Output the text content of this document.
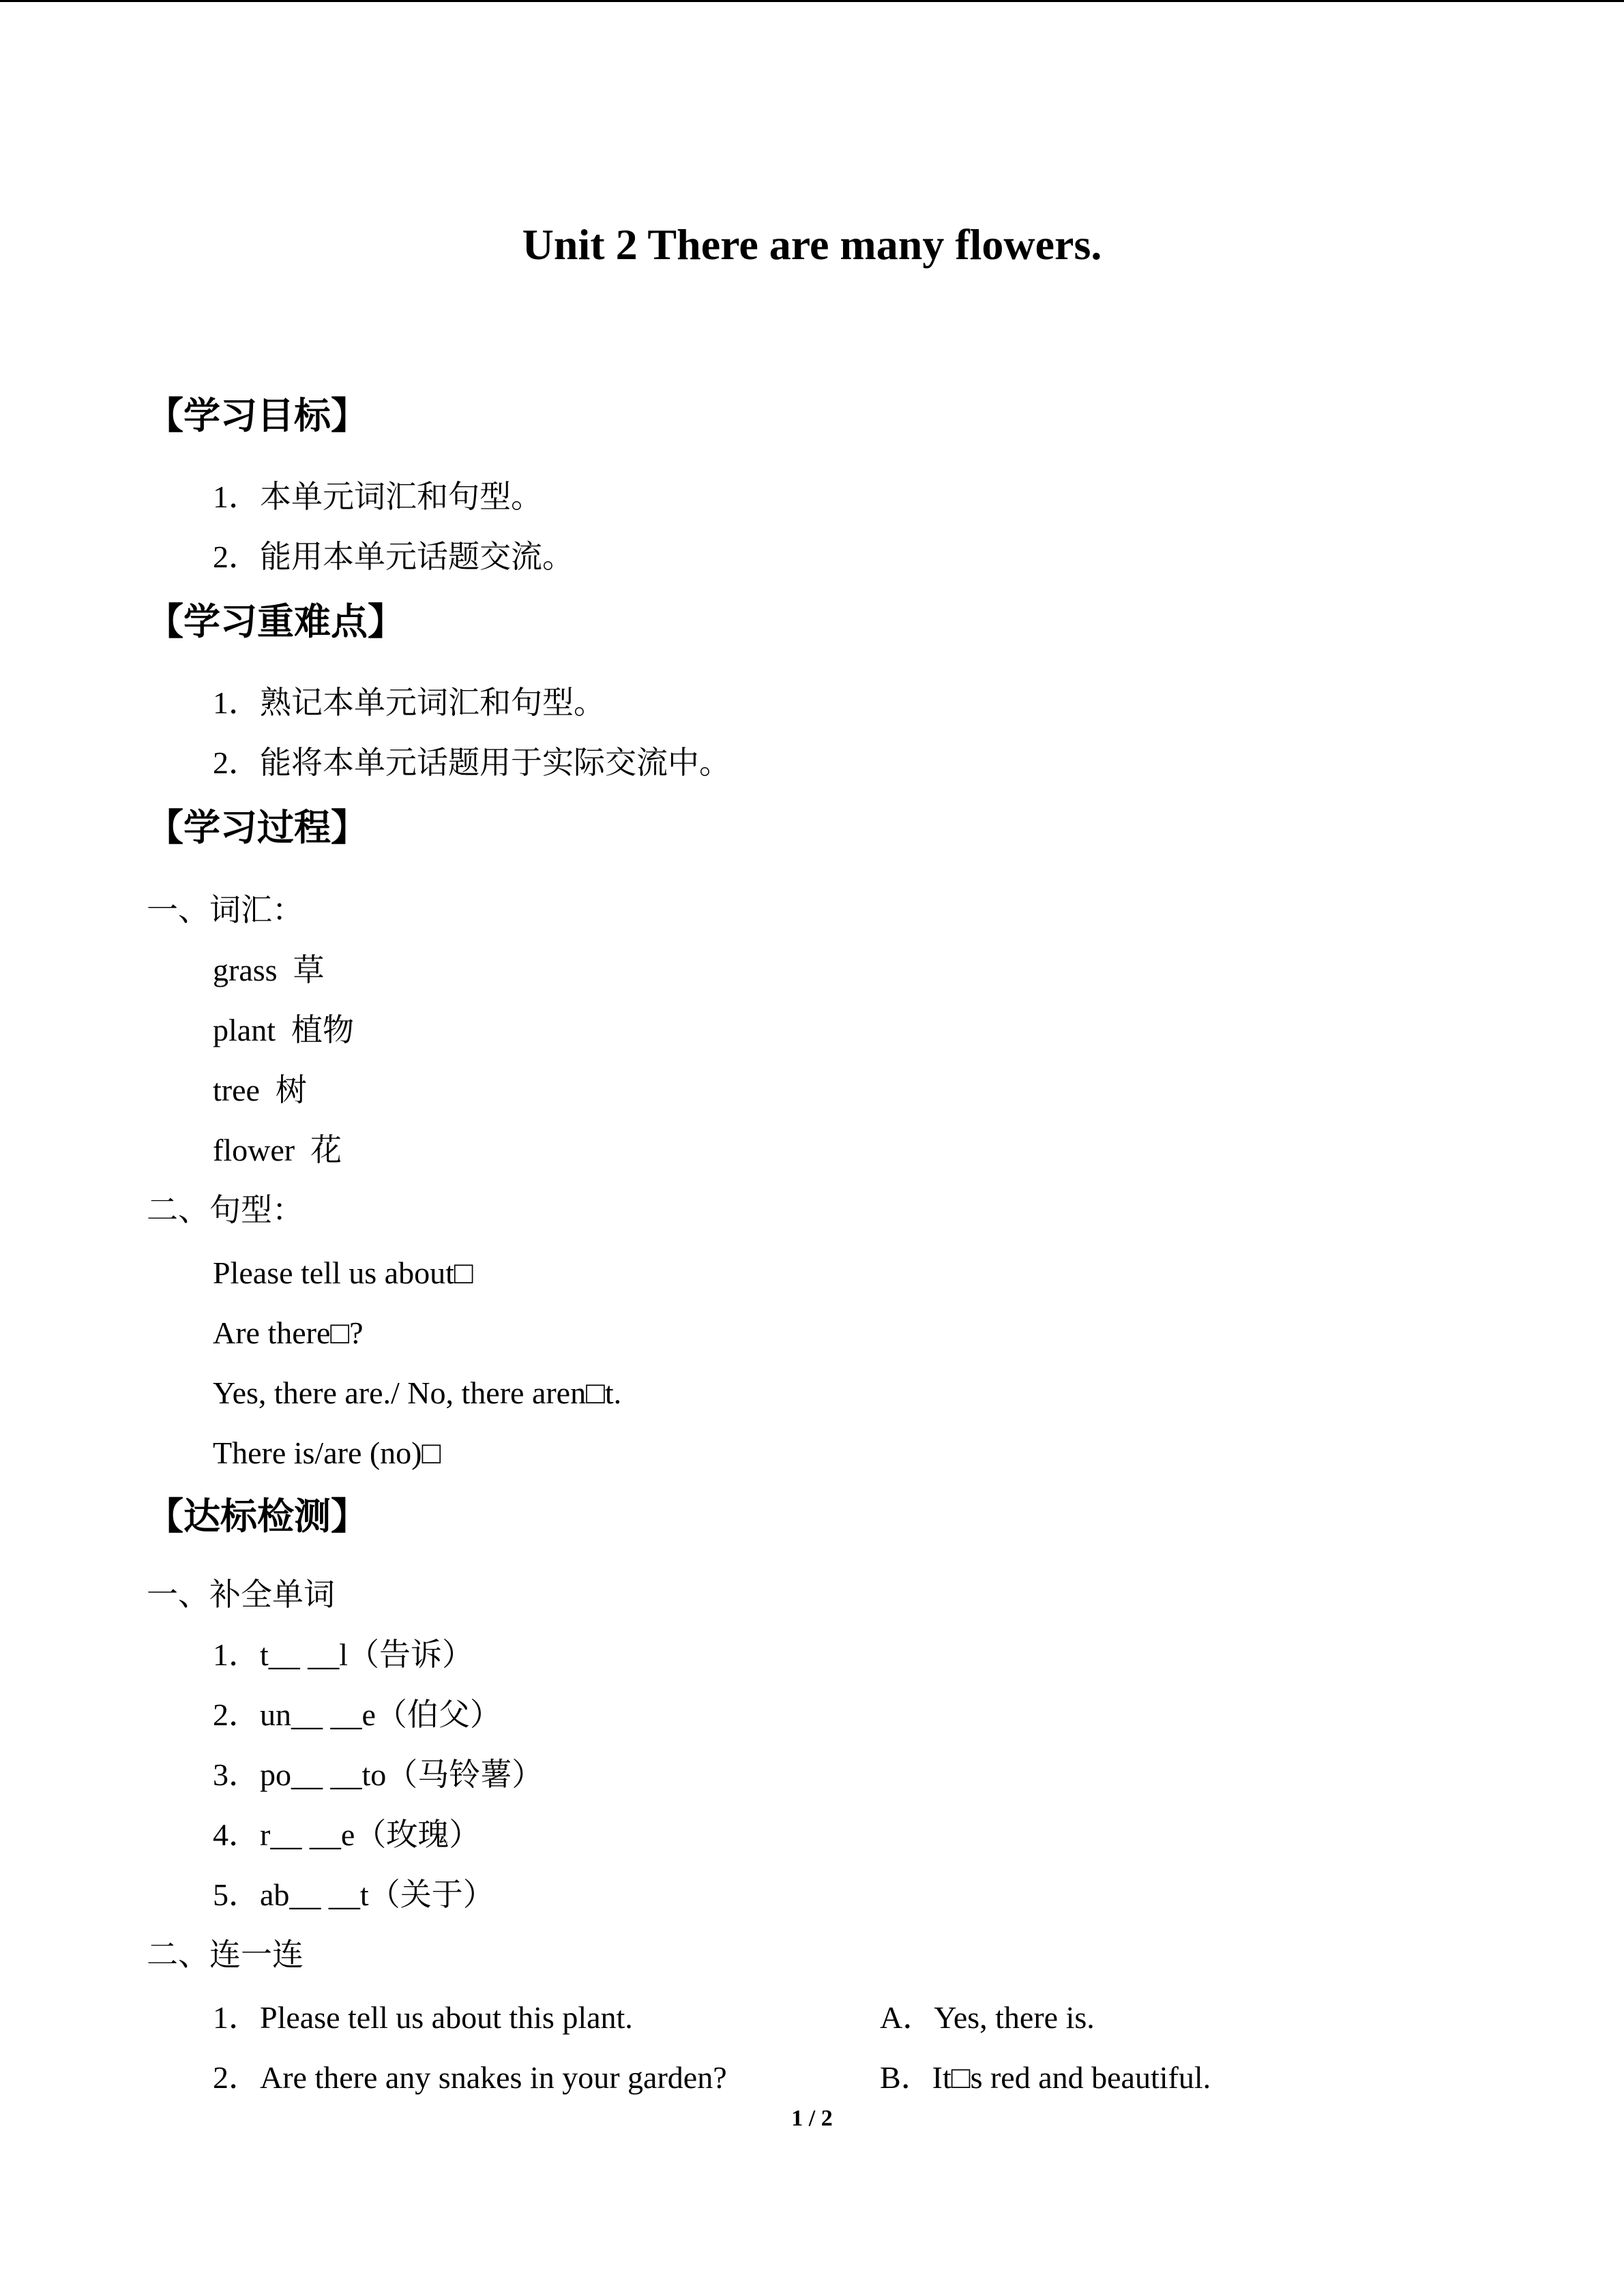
Unit 2 There are many flowers.
【学习目标】
1．本单元词汇和句型。
2．能用本单元话题交流。
【学习重难点】
1．熟记本单元词汇和句型。
2．能将本单元话题用于实际交流中。
【学习过程】
一、词汇：
grass  草
plant  植物
tree  树
flower  花
二、句型：
Please tell us about□
Are there□?
Yes, there are./ No, there aren□t.
There is/are (no)□
【达标检测】
一、补全单词
1．t__ __l（告诉）
2．un__ __e（伯父）
3．po__ __to（马铃薯）
4．r__ __e（玫瑰）
5．ab__ __t（关于）
二、连一连
1．Please tell us about this plant.	A．Yes, there is.
2．Are there any snakes in your garden?	B．It□s red and beautiful.
1 / 2
